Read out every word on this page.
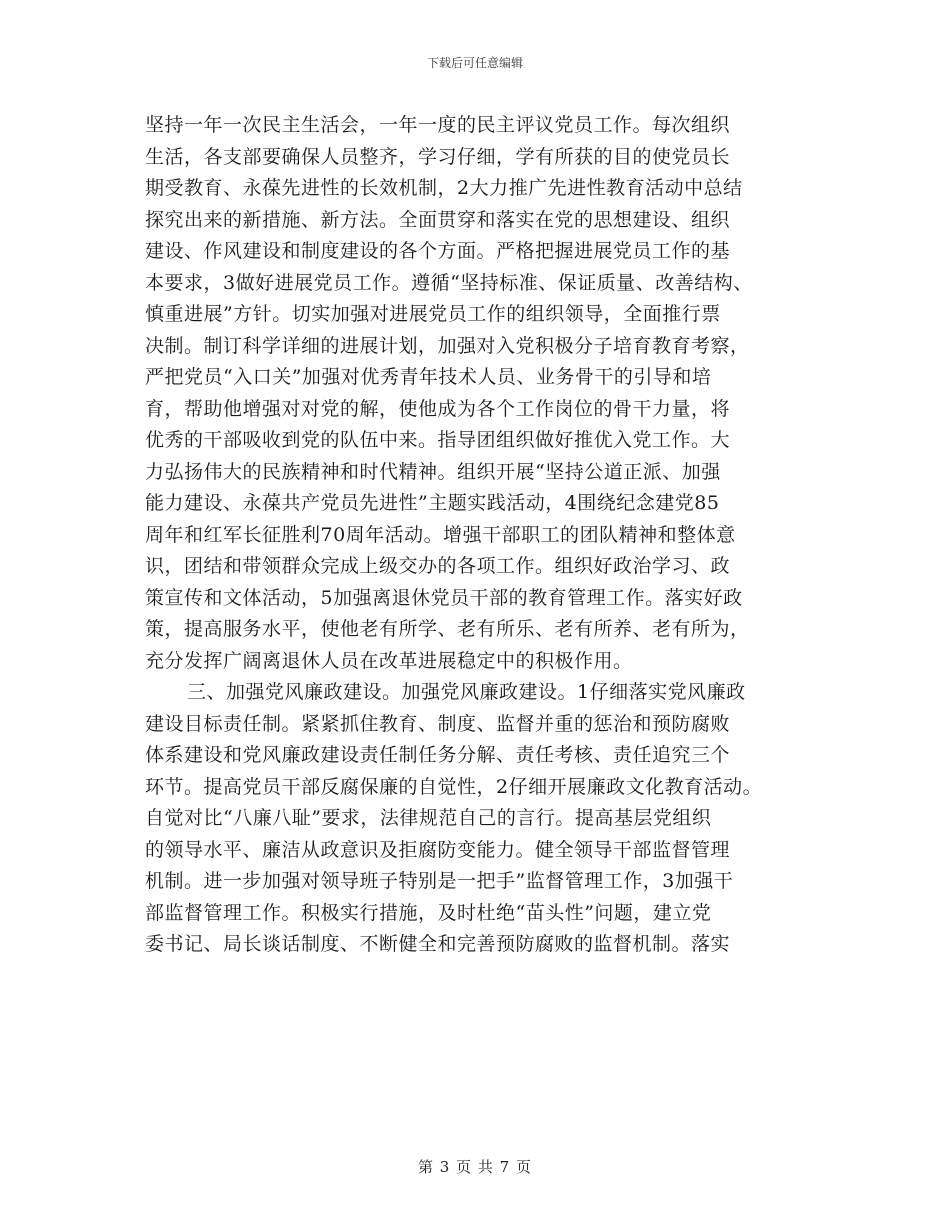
下载后可任意编辑
坚持一年一次民主生活会，一年一度的民主评议党员工作。每次组织
生活，各支部要确保人员整齐，学习仔细，学有所获的目的使党员长
期受教育、永葆先进性的长效机制，2大力推广先进性教育活动中总结
探究出来的新措施、新方法。全面贯穿和落实在党的思想建设、组织
建设、作风建设和制度建设的各个方面。严格把握进展党员工作的基
本要求，3做好进展党员工作。遵循“坚持标准、保证质量、改善结构、
慎重进展”方针。切实加强对进展党员工作的组织领导，全面推行票
决制。制订科学详细的进展计划，加强对入党积极分子培育教育考察，
严把党员“入口关”加强对优秀青年技术人员、业务骨干的引导和培
育，帮助他增强对对党的解，使他成为各个工作岗位的骨干力量，将
优秀的干部吸收到党的队伍中来。指导团组织做好推优入党工作。大
力弘扬伟大的民族精神和时代精神。组织开展“坚持公道正派、加强
能力建设、永葆共产党员先进性”主题实践活动，4围绕纪念建党85
周年和红军长征胜利70周年活动。增强干部职工的团队精神和整体意
识，团结和带领群众完成上级交办的各项工作。组织好政治学习、政
策宣传和文体活动，5加强离退休党员干部的教育管理工作。落实好政
策，提高服务水平，使他老有所学、老有所乐、老有所养、老有所为，
充分发挥广阔离退休人员在改革进展稳定中的积极作用。
三、加强党风廉政建设。加强党风廉政建设。1仔细落实党风廉政
建设目标责任制。紧紧抓住教育、制度、监督并重的惩治和预防腐败
体系建设和党风廉政建设责任制任务分解、责任考核、责任追究三个
环节。提高党员干部反腐保廉的自觉性，2仔细开展廉政文化教育活动。
自觉对比“八廉八耻”要求，法律规范自己的言行。提高基层党组织
的领导水平、廉洁从政意识及拒腐防变能力。健全领导干部监督管理
机制。进一步加强对领导班子特别是一把手”监督管理工作，3加强干
部监督管理工作。积极实行措施，及时杜绝“苗头性”问题，建立党
委书记、局长谈话制度、不断健全和完善预防腐败的监督机制。落实
第 3 页 共 7 页
